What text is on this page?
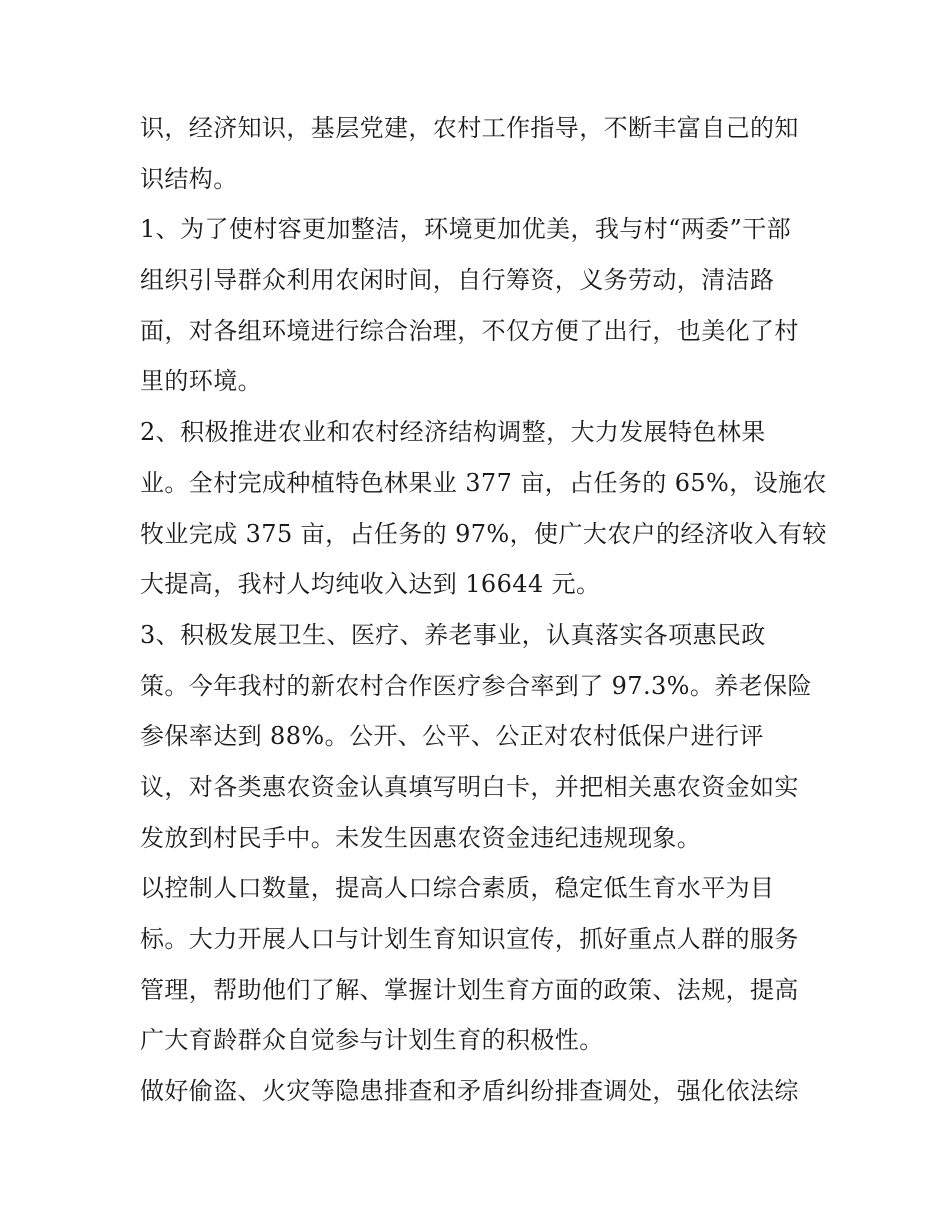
识，经济知识，基层党建，农村工作指导，不断丰富自己的知
识结构。
1、为了使村容更加整洁，环境更加优美，我与村“两委”干部
组织引导群众利用农闲时间，自行筹资，义务劳动，清洁路
面，对各组环境进行综合治理，不仅方便了出行，也美化了村
里的环境。
2、积极推进农业和农村经济结构调整，大力发展特色林果
业。全村完成种植特色林果业 377 亩，占任务的 65%，设施农
牧业完成 375 亩，占任务的 97%，使广大农户的经济收入有较
大提高，我村人均纯收入达到 16644 元。
3、积极发展卫生、医疗、养老事业，认真落实各项惠民政
策。今年我村的新农村合作医疗参合率到了 97.3%。养老保险
参保率达到 88%。公开、公平、公正对农村低保户进行评
议，对各类惠农资金认真填写明白卡，并把相关惠农资金如实
发放到村民手中。未发生因惠农资金违纪违规现象。
以控制人口数量，提高人口综合素质，稳定低生育水平为目
标。大力开展人口与计划生育知识宣传，抓好重点人群的服务
管理，帮助他们了解、掌握计划生育方面的政策、法规，提高
广大育龄群众自觉参与计划生育的积极性。
做好偷盗、火灾等隐患排查和矛盾纠纷排查调处，强化依法综
